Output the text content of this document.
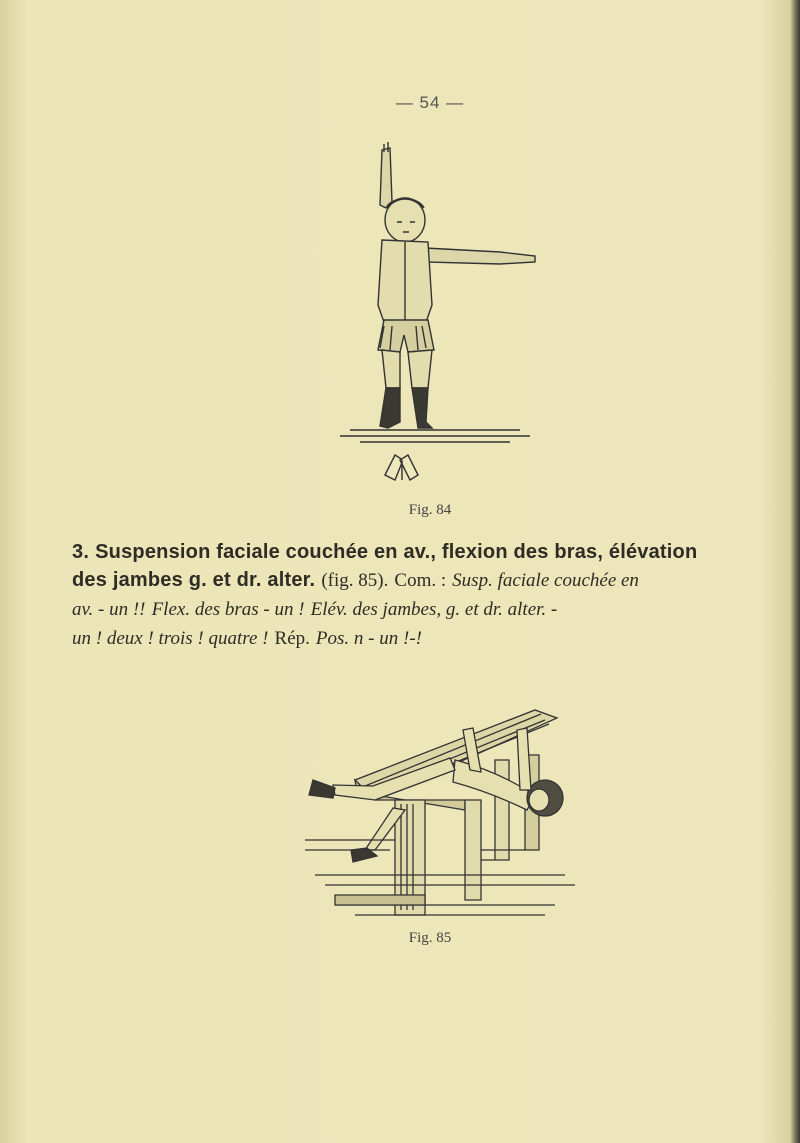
— 54 —
Fig. 84
3. Suspension faciale couchée en av., flexion des bras, élévation
des jambes g. et dr. alter. (fig. 85). Com. : Susp. faciale couchée en
av. - un !! Flex. des bras - un ! Elév. des jambes, g. et dr. alter. -
un ! deux ! trois ! quatre ! Rép. Pos. n - un !-!
Fig. 85
